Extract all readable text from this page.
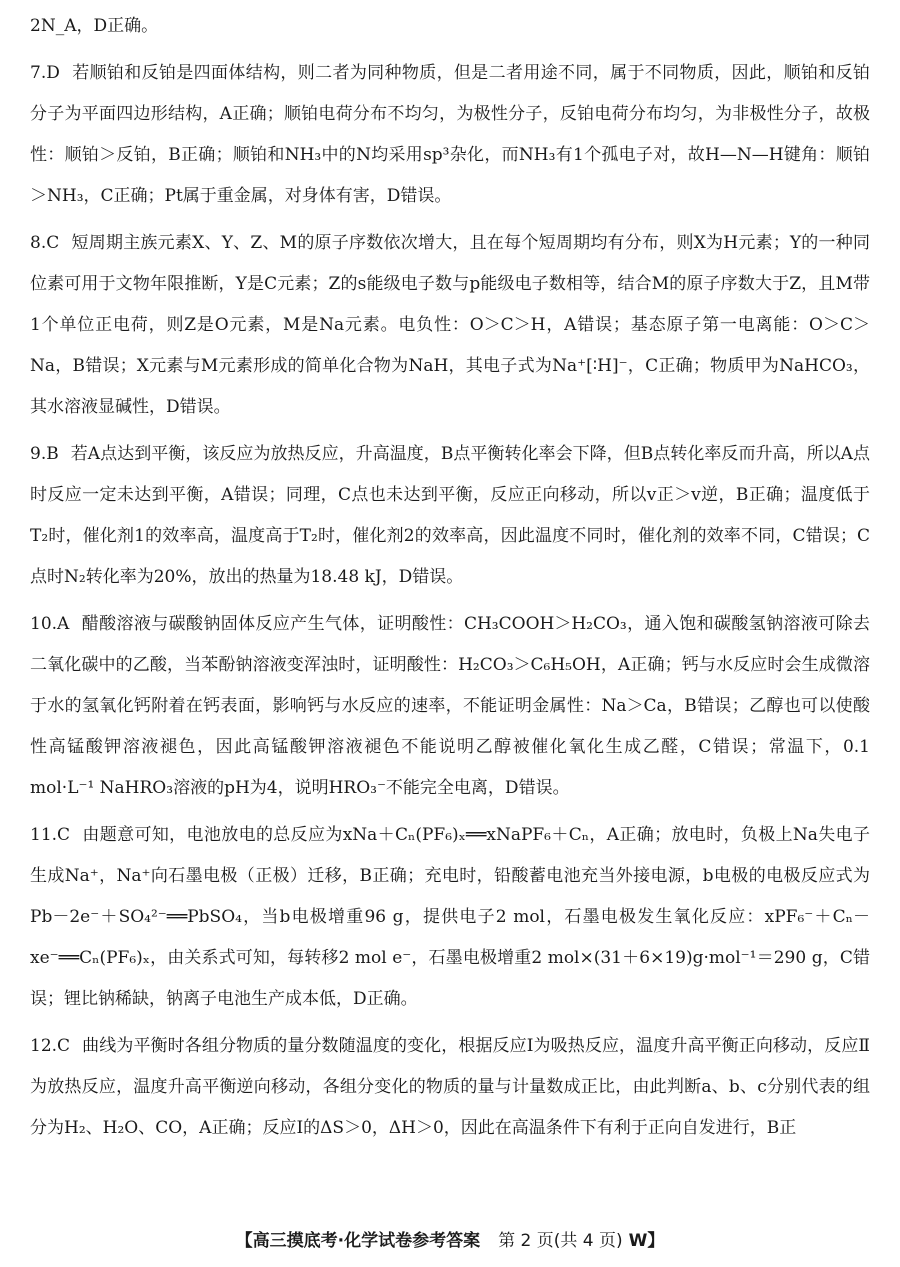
2N_A，D正确。

7.D 若顺铂和反铂是四面体结构，则二者为同种物质，但是二者用途不同，属于不同物质，因此，顺铂和反铂分子为平面四边形结构，A正确；顺铂电荷分布不均匀，为极性分子，反铂电荷分布均匀，为非极性分子，故极性：顺铂＞反铂，B正确；顺铂和NH₃中的N均采用sp³杂化，而NH₃有1个孤电子对，故H—N—H键角：顺铂＞NH₃，C正确；Pt属于重金属，对身体有害，D错误。

8.C 短周期主族元素X、Y、Z、M的原子序数依次增大，且在每个短周期均有分布，则X为H元素；Y的一种同位素可用于文物年限推断，Y是C元素；Z的s能级电子数与p能级电子数相等，结合M的原子序数大于Z，且M带1个单位正电荷，则Z是O元素，M是Na元素。电负性：O＞C＞H，A错误；基态原子第一电离能：O＞C＞Na，B错误；X元素与M元素形成的简单化合物为NaH，其电子式为Na⁺[∶H]⁻，C正确；物质甲为NaHCO₃，其水溶液显碱性，D错误。

9.B 若A点达到平衡，该反应为放热反应，升高温度，B点平衡转化率会下降，但B点转化率反而升高，所以A点时反应一定未达到平衡，A错误；同理，C点也未达到平衡，反应正向移动，所以v正＞v逆，B正确；温度低于T₂时，催化剂1的效率高，温度高于T₂时，催化剂2的效率高，因此温度不同时，催化剂的效率不同，C错误；C点时N₂转化率为20%，放出的热量为18.48 kJ，D错误。

10.A 醋酸溶液与碳酸钠固体反应产生气体，证明酸性：CH₃COOH＞H₂CO₃，通入饱和碳酸氢钠溶液可除去二氧化碳中的乙酸，当苯酚钠溶液变浑浊时，证明酸性：H₂CO₃＞C₆H₅OH，A正确；钙与水反应时会生成微溶于水的氢氧化钙附着在钙表面，影响钙与水反应的速率，不能证明金属性：Na＞Ca，B错误；乙醇也可以使酸性高锰酸钾溶液褪色，因此高锰酸钾溶液褪色不能说明乙醇被催化氧化生成乙醛，C错误；常温下，0.1 mol·L⁻¹ NaHRO₃溶液的pH为4，说明HRO₃⁻不能完全电离，D错误。

11.C 由题意可知，电池放电的总反应为xNa＋Cₙ(PF₆)ₓ══xNaPF₆＋Cₙ，A正确；放电时，负极上Na失电子生成Na⁺，Na⁺向石墨电极（正极）迁移，B正确；充电时，铅酸蓄电池充当外接电源，b电极的电极反应式为Pb－2e⁻＋SO₄²⁻══PbSO₄，当b电极增重96 g，提供电子2 mol，石墨电极发生氧化反应：xPF₆⁻＋Cₙ－xe⁻══Cₙ(PF₆)ₓ，由关系式可知，每转移2 mol e⁻，石墨电极增重2 mol×(31＋6×19)g·mol⁻¹＝290 g，C错误；锂比钠稀缺，钠离子电池生产成本低，D正确。

12.C 曲线为平衡时各组分物质的量分数随温度的变化，根据反应Ⅰ为吸热反应，温度升高平衡正向移动，反应Ⅱ为放热反应，温度升高平衡逆向移动，各组分变化的物质的量与计量数成正比，由此判断a、b、c分别代表的组分为H₂、H₂O、CO，A正确；反应Ⅰ的ΔS＞0，ΔH＞0，因此在高温条件下有利于正向自发进行，B正

【高三摸底考·化学试卷参考答案 第 2 页(共 4 页) W】
